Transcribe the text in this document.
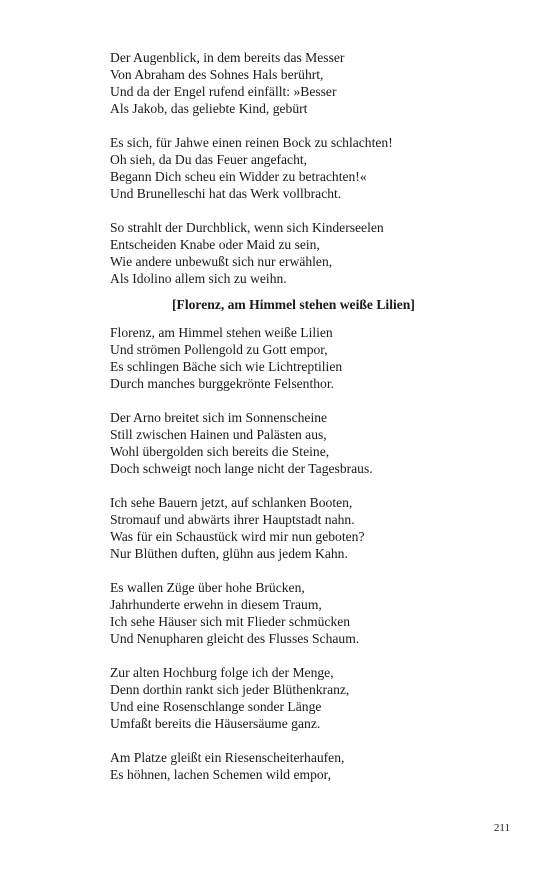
Der Augenblick, in dem bereits das Messer
Von Abraham des Sohnes Hals berührt,
Und da der Engel rufend einfällt: »Besser
Als Jakob, das geliebte Kind, gebürt
Es sich, für Jahwe einen reinen Bock zu schlachten!
Oh sieh, da Du das Feuer angefacht,
Begann Dich scheu ein Widder zu betrachten!«
Und Brunelleschi hat das Werk vollbracht.
So strahlt der Durchblick, wenn sich Kinderseelen
Entscheiden Knabe oder Maid zu sein,
Wie andere unbewußt sich nur erwählen,
Als Idolino allem sich zu weihn.
[Florenz, am Himmel stehen weiße Lilien]
Florenz, am Himmel stehen weiße Lilien
Und strömen Pollengold zu Gott empor,
Es schlingen Bäche sich wie Lichtreptilien
Durch manches burggekrönte Felsenthor.
Der Arno breitet sich im Sonnenscheine
Still zwischen Hainen und Palästen aus,
Wohl übergolden sich bereits die Steine,
Doch schweigt noch lange nicht der Tagesbraus.
Ich sehe Bauern jetzt, auf schlanken Booten,
Stromauf und abwärts ihrer Hauptstadt nahn.
Was für ein Schaustück wird mir nun geboten?
Nur Blüthen duften, glühn aus jedem Kahn.
Es wallen Züge über hohe Brücken,
Jahrhunderte erwehn in diesem Traum,
Ich sehe Häuser sich mit Flieder schmücken
Und Nenupharen gleicht des Flusses Schaum.
Zur alten Hochburg folge ich der Menge,
Denn dorthin rankt sich jeder Blüthenkranz,
Und eine Rosenschlange sonder Länge
Umfaßt bereits die Häusersäume ganz.
Am Platze gleißt ein Riesenscheiterhaufen,
Es höhnen, lachen Schemen wild empor,
211
